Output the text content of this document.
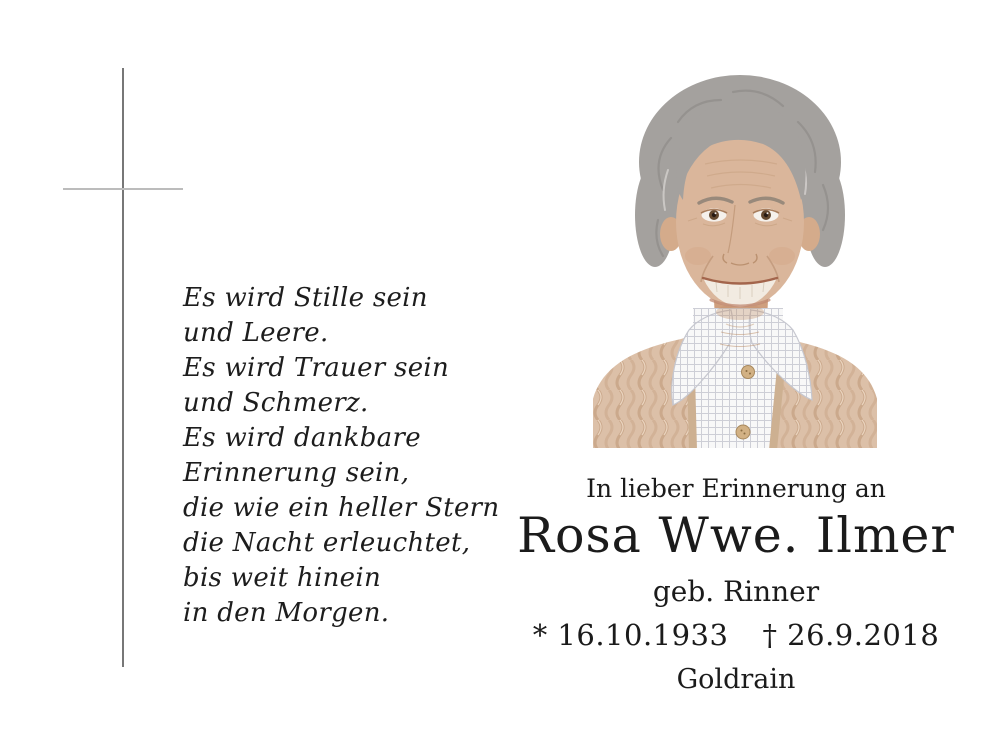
Es wird Stille sein
und Leere.
Es wird Trauer sein
und Schmerz.
Es wird dankbare
Erinnerung sein,
die wie ein heller Stern
die Nacht erleuchtet,
bis weit hinein
in den Morgen.
In lieber Erinnerung an
Rosa Wwe. Ilmer
geb. Rinner
* 16.10.1933 † 26.9.2018
Goldrain
